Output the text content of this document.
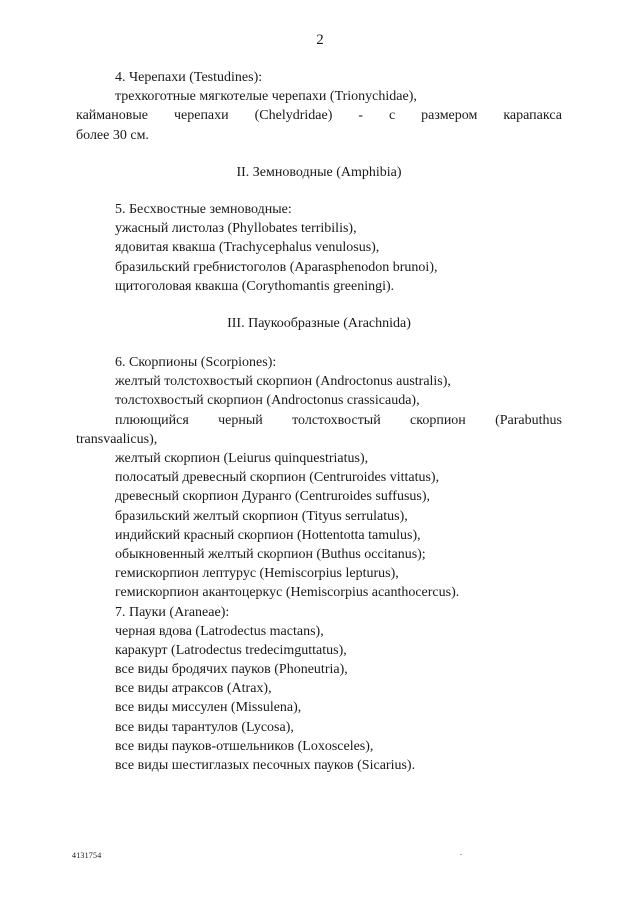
2
4. Черепахи (Testudines):
трехкоготные мягкотелые черепахи (Trionychidae),
каймановые черепахи (Chelydridae) - с размером карапакса
более 30 см.
II. Земноводные (Amphibia)
5. Бесхвостные земноводные:
ужасный листолаз (Phyllobates terribilis),
ядовитая квакша (Trachycephalus venulosus),
бразильский гребнистоголов (Aparasphenodon brunoi),
щитоголовая квакша (Corythomantis greeningi).
III. Паукообразные (Arachnida)
6. Скорпионы (Scorpiones):
желтый толстохвостый скорпион (Androctonus australis),
толстохвостый скорпион (Androctonus crassicauda),
плюющийся черный толстохвостый скорпион (Parabuthus
transvaalicus),
желтый скорпион (Leiurus quinquestriatus),
полосатый древесный скорпион (Centruroides vittatus),
древесный скорпион Дуранго (Centruroides suffusus),
бразильский желтый скорпион (Tityus serrulatus),
индийский красный скорпион (Hottentotta tamulus),
обыкновенный желтый скорпион (Buthus occitanus);
гемискорпион лептурус (Hemiscorpius lepturus),
гемискорпион акантоцеркус (Hemiscorpius acanthocercus).
7. Пауки (Araneae):
черная вдова (Latrodectus mactans),
каракурт (Latrodectus tredecimguttatus),
все виды бродячих пауков (Phoneutria),
все виды атраксов (Atrax),
все виды миссулен (Missulena),
все виды тарантулов (Lycosa),
все виды пауков-отшельников (Loxosceles),
все виды шестиглазых песочных пауков (Sicarius).
4131754	.
